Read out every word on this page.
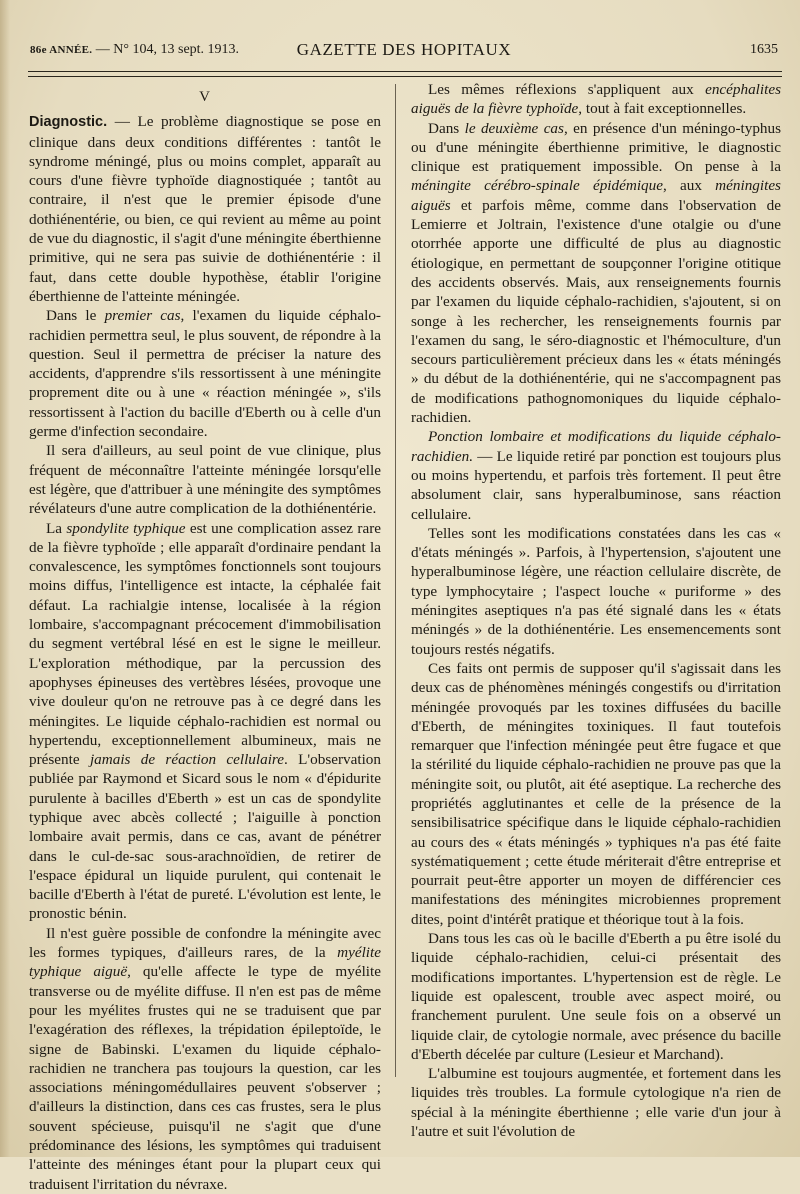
86e ANNÉE. — N° 104, 13 sept. 1913.	GAZETTE DES HOPITAUX	1635
V

Diagnostic. — Le problème diagnostique se pose en clinique dans deux conditions différentes : tantôt le syndrome méningé, plus ou moins complet, apparaît au cours d'une fièvre typhoïde diagnostiquée ; tantôt au contraire, il n'est que le premier épisode d'une dothiénentérie, ou bien, ce qui revient au même au point de vue du diagnostic, il s'agit d'une méningite éberthienne primitive, qui ne sera pas suivie de dothiénentérie : il faut, dans cette double hypothèse, établir l'origine éberthienne de l'atteinte méningée.

Dans le premier cas, l'examen du liquide céphalo-rachidien permettra seul, le plus souvent, de répondre à la question. Seul il permettra de préciser la nature des accidents, d'apprendre s'ils ressortissent à une méningite proprement dite ou à une « réaction méningée », s'ils ressortissent à l'action du bacille d'Eberth ou à celle d'un germe d'infection secondaire.

Il sera d'ailleurs, au seul point de vue clinique, plus fréquent de méconnaître l'atteinte méningée lorsqu'elle est légère, que d'attribuer à une méningite des symptômes révélateurs d'une autre complication de la dothiénentérie.

La spondylite typhique est une complication assez rare de la fièvre typhoïde ; elle apparaît d'ordinaire pendant la convalescence, les symptômes fonctionnels sont toujours moins diffus, l'intelligence est intacte, la céphalée fait défaut. La rachialgie intense, localisée à la région lombaire, s'accompagnant précocement d'immobilisation du segment vertébral lésé en est le signe le meilleur. L'exploration méthodique, par la percussion des apophyses épineuses des vertèbres lésées, provoque une vive douleur qu'on ne retrouve pas à ce degré dans les méningites. Le liquide céphalo-rachidien est normal ou hypertendu, exceptionnellement albumineux, mais ne présente jamais de réaction cellulaire. L'observation publiée par Raymond et Sicard sous le nom « d'épidurite purulente à bacilles d'Eberth » est un cas de spondylite typhique avec abcès collecté ; l'aiguille à ponction lombaire avait permis, dans ce cas, avant de pénétrer dans le cul-de-sac sous-arachnoïdien, de retirer de l'espace épidural un liquide purulent, qui contenait le bacille d'Eberth à l'état de pureté. L'évolution est lente, le pronostic bénin.

Il n'est guère possible de confondre la méningite avec les formes typiques, d'ailleurs rares, de la myélite typhique aiguë, qu'elle affecte le type de myélite transverse ou de myélite diffuse. Il n'en est pas de même pour les myélites frustes qui ne se traduisent que par l'exagération des réflexes, la trépidation épileptoïde, le signe de Babinski. L'examen du liquide céphalo-rachidien ne tranchera pas toujours la question, car les associations méningomédullaires peuvent s'observer ; d'ailleurs la distinction, dans ces cas frustes, sera le plus souvent spécieuse, puisqu'il ne s'agit que d'une prédominance des lésions, les symptômes qui traduisent l'atteinte des méninges étant pour la plupart ceux qui traduisent l'irritation du névraxe.

Les mêmes réflexions s'appliquent aux encéphalites aiguës de la fièvre typhoïde, tout à fait exceptionnelles.

Dans le deuxième cas, en présence d'un méningo-typhus ou d'une méningite éberthienne primitive, le diagnostic clinique est pratiquement impossible. On pense à la méningite cérébro-spinale épidémique, aux méningites aiguës et parfois même, comme dans l'observation de Lemierre et Joltrain, l'existence d'une otalgie ou d'une otorrhée apporte une difficulté de plus au diagnostic étiologique, en permettant de soupçonner l'origine otitique des accidents observés. Mais, aux renseignements fournis par l'examen du liquide céphalo-rachidien, s'ajoutent, si on songe à les rechercher, les renseignements fournis par l'examen du sang, le séro-diagnostic et l'hémoculture, d'un secours particulièrement précieux dans les « états méningés » du début de la dothiénentérie, qui ne s'accompagnent pas de modifications pathognomoniques du liquide céphalo-rachidien.

Ponction lombaire et modifications du liquide céphalo-rachidien. — Le liquide retiré par ponction est toujours plus ou moins hypertendu, et parfois très fortement. Il peut être absolument clair, sans hyperalbuminose, sans réaction cellulaire.

Telles sont les modifications constatées dans les cas « d'états méningés ». Parfois, à l'hypertension, s'ajoutent une hyperalbuminose légère, une réaction cellulaire discrète, de type lymphocytaire ; l'aspect louche « puriforme » des méningites aseptiques n'a pas été signalé dans les « états méningés » de la dothiénentérie. Les ensemencements sont toujours restés négatifs.

Ces faits ont permis de supposer qu'il s'agissait dans les deux cas de phénomènes méningés congestifs ou d'irritation méningée provoqués par les toxines diffusées du bacille d'Eberth, de méningites toxiniques. Il faut toutefois remarquer que l'infection méningée peut être fugace et que la stérilité du liquide céphalo-rachidien ne prouve pas que la méningite soit, ou plutôt, ait été aseptique. La recherche des propriétés agglutinantes et celle de la présence de la sensibilisatrice spécifique dans le liquide céphalo-rachidien au cours des « états méningés » typhiques n'a pas été faite systématiquement ; cette étude mériterait d'être entreprise et pourrait peut-être apporter un moyen de différencier ces manifestations des méningites microbiennes proprement dites, point d'intérêt pratique et théorique tout à la fois.

Dans tous les cas où le bacille d'Eberth a pu être isolé du liquide céphalo-rachidien, celui-ci présentait des modifications importantes. L'hypertension est de règle. Le liquide est opalescent, trouble avec aspect moiré, ou franchement purulent. Une seule fois on a observé un liquide clair, de cytologie normale, avec présence du bacille d'Eberth décelée par culture (Lesieur et Marchand).

L'albumine est toujours augmentée, et fortement dans les liquides très troubles. La formule cytologique n'a rien de spécial à la méningite éberthienne ; elle varie d'un jour à l'autre et suit l'évolution de
